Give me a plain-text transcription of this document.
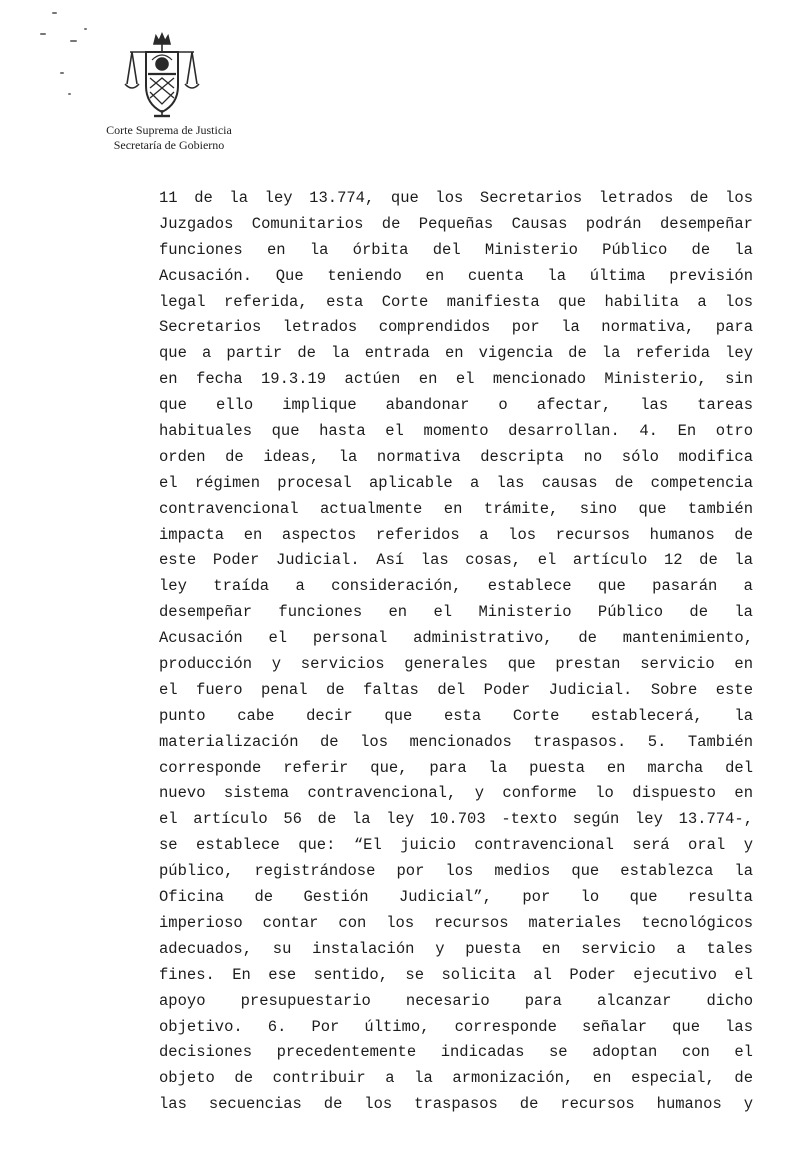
Corte Suprema de Justicia
Secretaría de Gobierno
11 de la ley 13.774, que los Secretarios letrados de los
Juzgados Comunitarios de Pequeñas Causas podrán desempeñar
funciones en la órbita del Ministerio Público de la
Acusación. Que teniendo en cuenta la última previsión
legal referida, esta Corte manifiesta que habilita a los
Secretarios letrados comprendidos por la normativa, para
que a partir de la entrada en vigencia de la referida ley
en fecha 19.3.19 actúen en el mencionado Ministerio, sin
que ello implique abandonar o afectar, las tareas
habituales que hasta el momento desarrollan. 4. En otro
orden de ideas, la normativa descripta no sólo modifica
el régimen procesal aplicable a las causas de competencia
contravencional actualmente en trámite, sino que también
impacta en aspectos referidos a los recursos humanos de
este Poder Judicial. Así las cosas, el artículo 12 de la
ley traída a consideración, establece que pasarán a
desempeñar funciones en el Ministerio Público de la
Acusación el personal administrativo, de mantenimiento,
producción y servicios generales que prestan servicio en
el fuero penal de faltas del Poder Judicial. Sobre este
punto cabe decir que esta Corte establecerá, la
materialización de los mencionados traspasos. 5. También
corresponde referir que, para la puesta en marcha del
nuevo sistema contravencional, y conforme lo dispuesto en
el artículo 56 de la ley 10.703 -texto según ley 13.774-,
se establece que: “El juicio contravencional será oral y
público, registrándose por los medios que establezca la
Oficina de Gestión Judicial”, por lo que resulta
imperioso contar con los recursos materiales tecnológicos
adecuados, su instalación y puesta en servicio a tales
fines. En ese sentido, se solicita al Poder ejecutivo el
apoyo presupuestario necesario para alcanzar dicho
objetivo. 6. Por último, corresponde señalar que las
decisiones precedentemente indicadas se adoptan con el
objeto de contribuir a la armonización, en especial, de
las secuencias de los traspasos de recursos humanos y
